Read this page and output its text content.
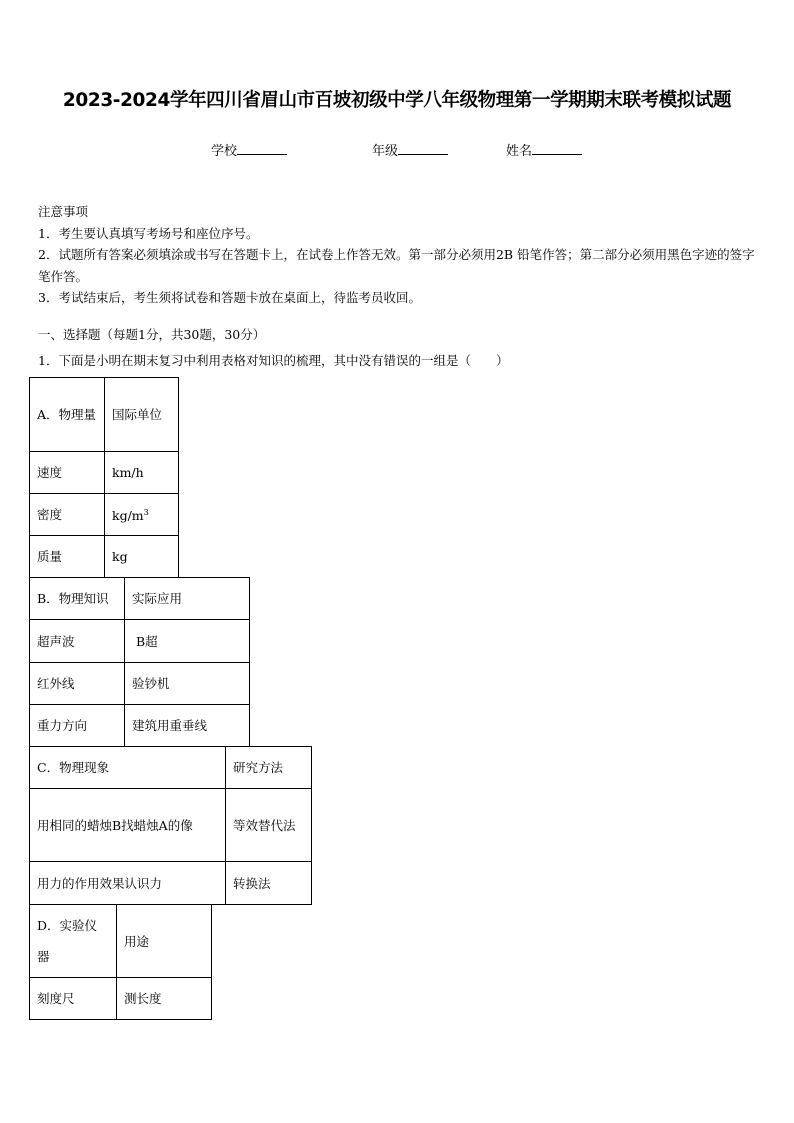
2023-2024学年四川省眉山市百坡初级中学八年级物理第一学期期末联考模拟试题
学校	年级	姓名

注意事项

1．考生要认真填写考场号和座位序号。

2．试题所有答案必须填涂或书写在答题卡上，在试卷上作答无效。第一部分必须用2B 铅笔作答；第二部分必须用黑色字迹的签字笔作答。

3．考试结束后，考生须将试卷和答题卡放在桌面上，待监考员收回。

一、选择题（每题1分，共30题，30分）
1．下面是小明在期末复习中利用表格对知识的梳理，其中没有错误的一组是（　　）
A．物理量	国际单位
速度	km/h
密度	$kg/m^3$
质量	kg
B．物理知识	实际应用
超声波	B超
红外线	验钞机
重力方向	建筑用重垂线
C．物理现象	研究方法
用相同的蜡烛B找蜡烛A的像	等效替代法
用力的作用效果认识力	转换法
D．实验仪器	用途
刻度尺	测长度
